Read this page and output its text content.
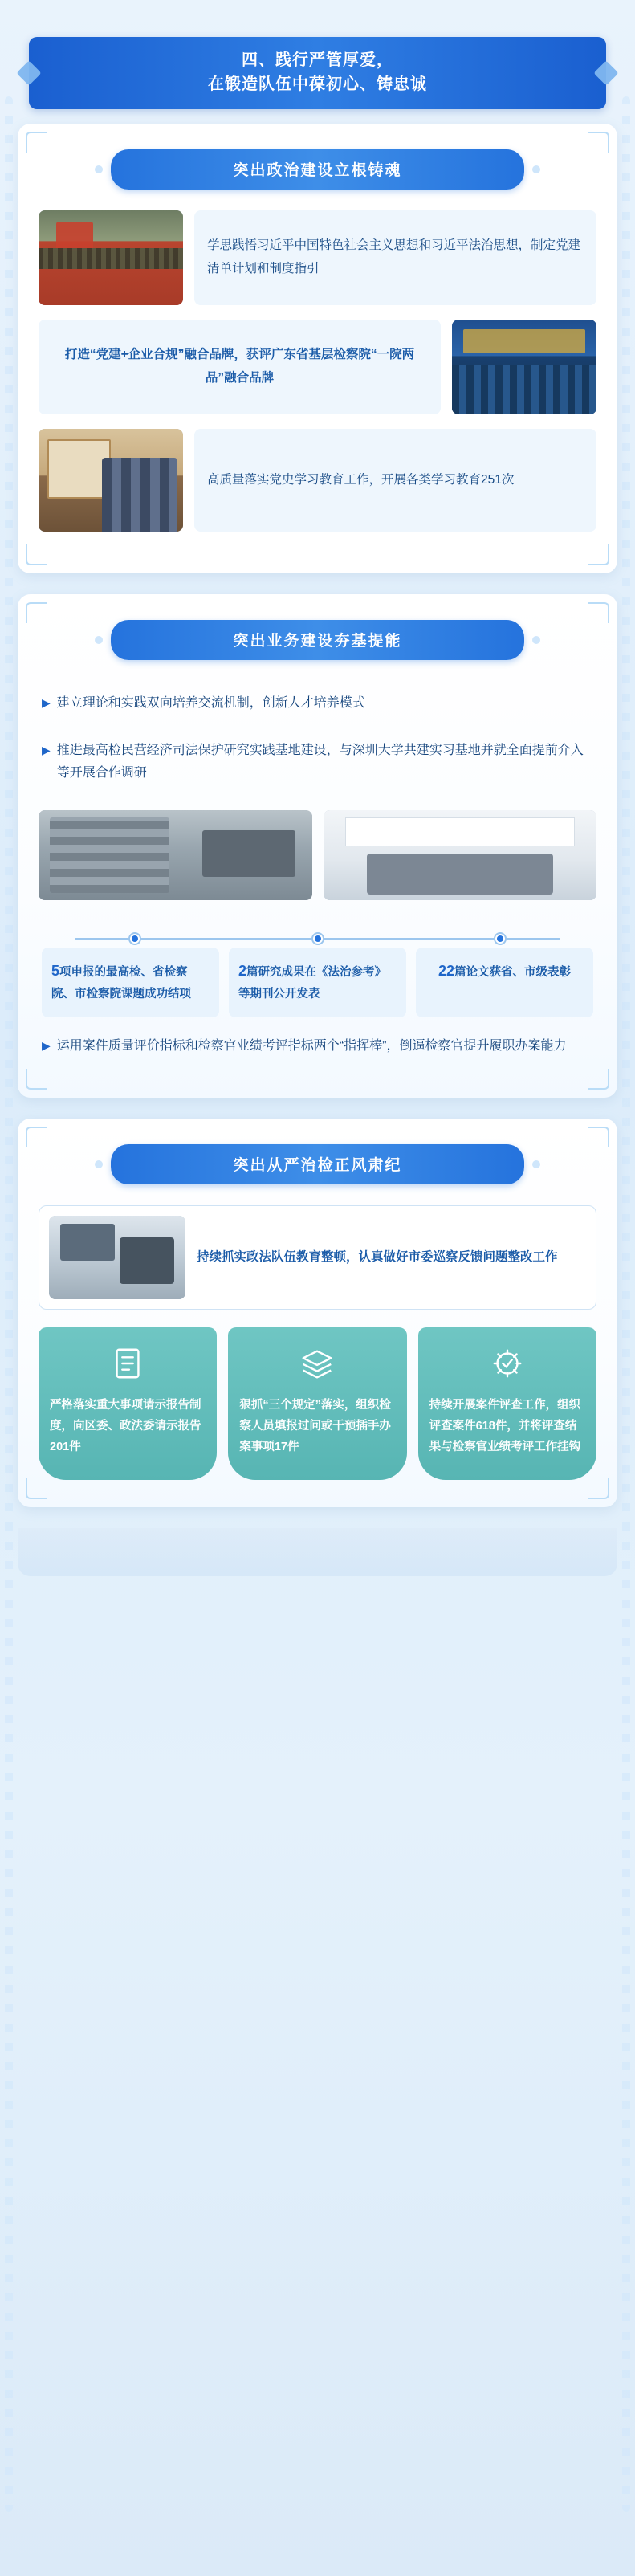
四、践行严管厚爱，
在锻造队伍中葆初心、铸忠诚
突出政治建设立根铸魂
学思践悟习近平中国特色社会主义思想和习近平法治思想，制定党建清单计划和制度指引
打造“党建+企业合规”融合品牌，获评广东省基层检察院“一院两品”融合品牌
高质量落实党史学习教育工作，开展各类学习教育251次
突出业务建设夯基提能
▶ 建立理论和实践双向培养交流机制，创新人才培养模式
▶ 推进最高检民营经济司法保护研究实践基地建设，与深圳大学共建实习基地并就全面提前介入等开展合作调研
5项申报的最高检、省检察院、市检察院课题成功结项
2篇研究成果在《法治参考》等期刊公开发表
22篇论文获省、市级表彰
▶ 运用案件质量评价指标和检察官业绩考评指标两个“指挥棒”，倒逼检察官提升履职办案能力
突出从严治检正风肃纪
持续抓实政法队伍教育整顿，认真做好市委巡察反馈问题整改工作
严格落实重大事项请示报告制度，向区委、政法委请示报告201件
狠抓“三个规定”落实，组织检察人员填报过问或干预插手办案事项17件
持续开展案件评查工作，组织评查案件618件，并将评查结果与检察官业绩考评工作挂钩
